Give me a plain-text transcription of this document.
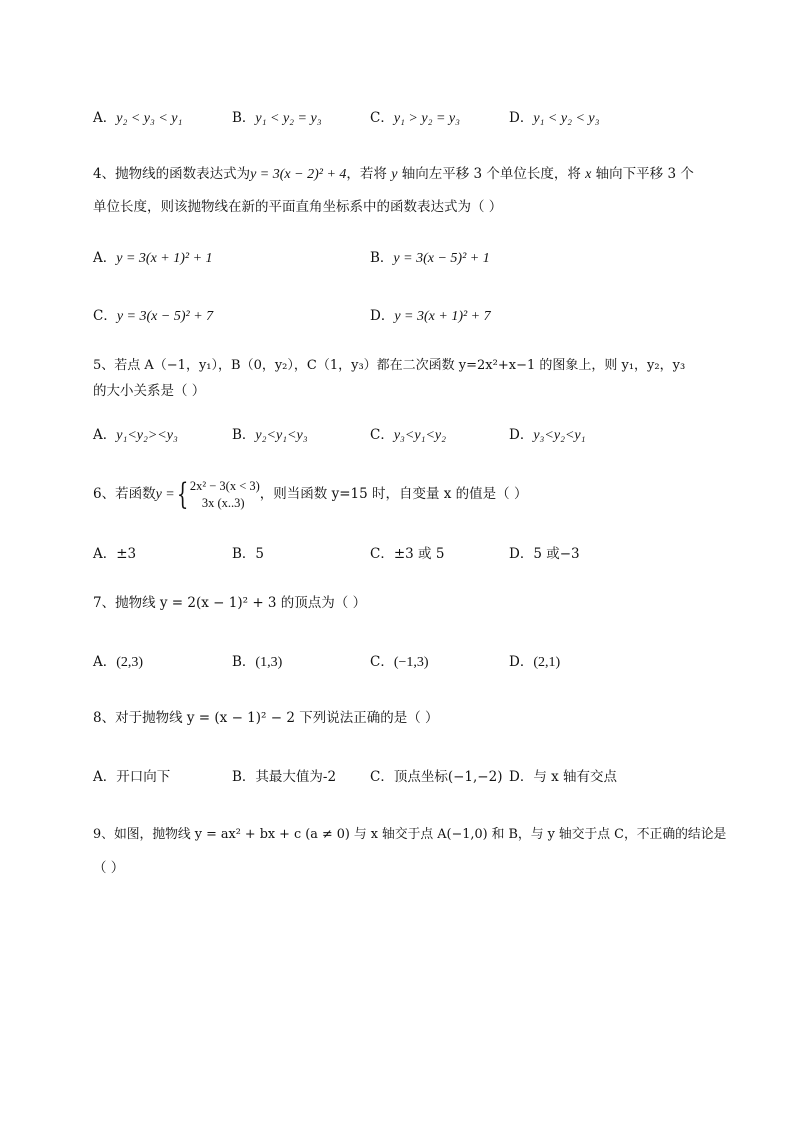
A．y₂ < y₃ < y₁	B．y₁ < y₂ = y₃	C．y₁ > y₂ = y₃	D．y₁ < y₂ < y₃
4、抛物线的函数表达式为y = 3(x − 2)² + 4，若将 y 轴向左平移 3 个单位长度，将 x 轴向下平移 3 个
单位长度，则该抛物线在新的平面直角坐标系中的函数表达式为（ ）
A．y = 3(x + 1)² + 1	B．y = 3(x − 5)² + 1
C．y = 3(x − 5)² + 7	D．y = 3(x + 1)² + 7
5、若点 A（−1，y₁），B（0，y₂），C（1，y₃）都在二次函数 y=2x²+x−1 的图象上，则 y₁，y₂，y₃
的大小关系是（ ）
A．y₁<y₂><y₃	B．y₂<y₁<y₃	C．y₃<y₁<y₂	D．y₃<y₂<y₁
6、若函数y ={ 2x² − 3(x < 3)
3x (x..3)
，则当函数 y=15 时，自变量 x 的值是（ ）
A．±3	B．5	C．±3 或 5	D．5 或−3
7、抛物线 y = 2(x − 1)² + 3 的顶点为（ ）
A．(2,3)	B．(1,3)	C．(−1,3)	D．(2,1)
8、对于抛物线 y = (x − 1)² − 2 下列说法正确的是（ ）
A．开口向下	B．其最大值为-2	C．顶点坐标(−1,−2) D．与 x 轴有交点
9、如图，抛物线 y = ax² + bx + c (a ≠ 0) 与 x 轴交于点 A(−1,0) 和 B，与 y 轴交于点 C，不正确的结论是
（ ）
